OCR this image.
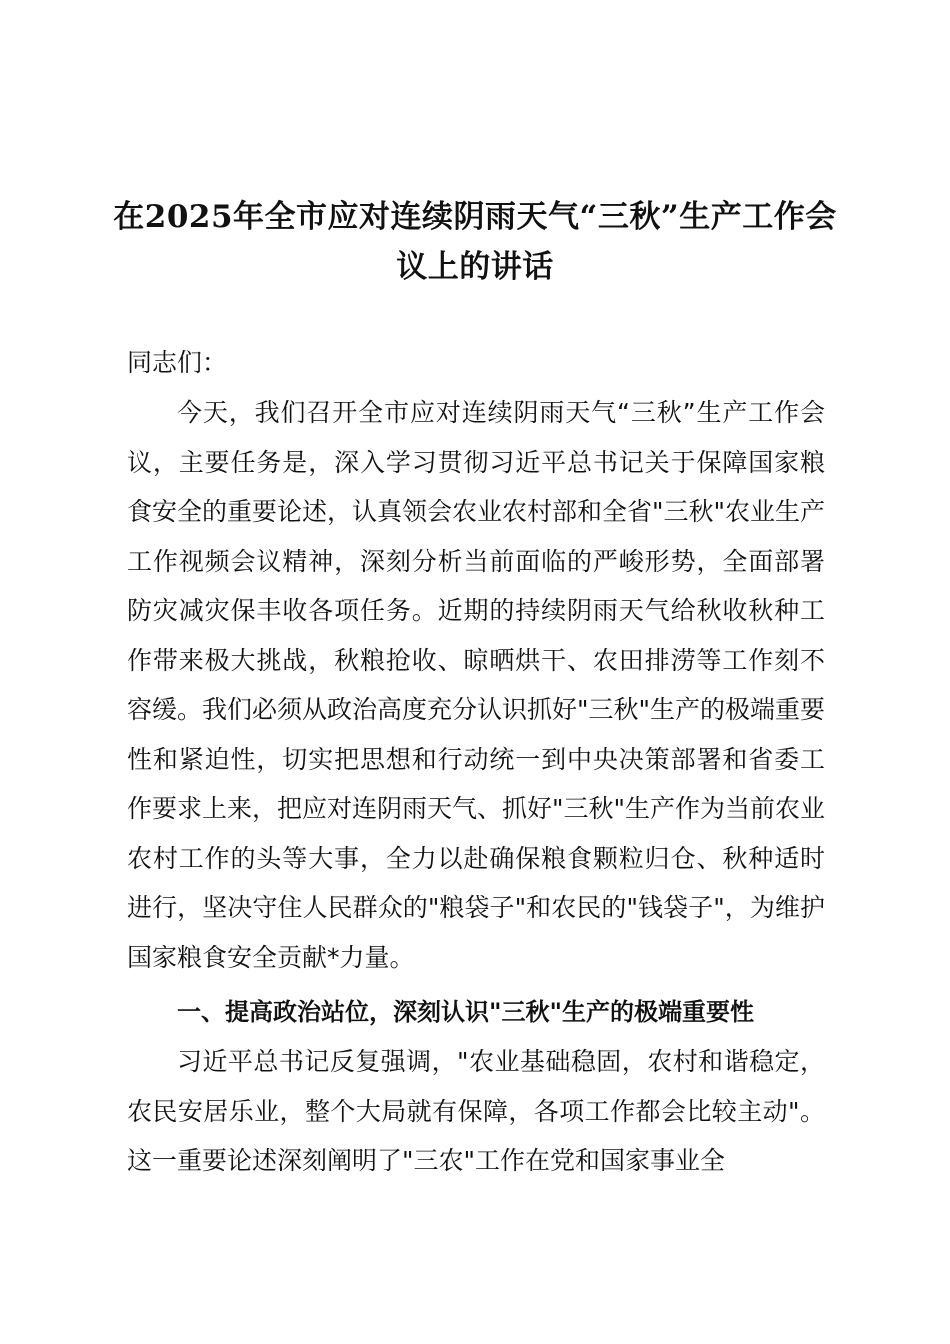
在2025年全市应对连续阴雨天气“三秋”生产工作会议上的讲话

同志们：

今天，我们召开全市应对连续阴雨天气“三秋”生产工作会议，主要任务是，深入学习贯彻习近平总书记关于保障国家粮食安全的重要论述，认真领会农业农村部和全省"三秋"农业生产工作视频会议精神，深刻分析当前面临的严峻形势，全面部署防灾减灾保丰收各项任务。近期的持续阴雨天气给秋收秋种工作带来极大挑战，秋粮抢收、晾晒烘干、农田排涝等工作刻不容缓。我们必须从政治高度充分认识抓好"三秋"生产的极端重要性和紧迫性，切实把思想和行动统一到中央决策部署和省委工作要求上来，把应对连阴雨天气、抓好"三秋"生产作为当前农业农村工作的头等大事，全力以赴确保粮食颗粒归仓、秋种适时进行，坚决守住人民群众的"粮袋子"和农民的"钱袋子"，为维护国家粮食安全贡献*力量。

一、提高政治站位，深刻认识"三秋"生产的极端重要性

习近平总书记反复强调，"农业基础稳固，农村和谐稳定，农民安居乐业，整个大局就有保障，各项工作都会比较主动"。这一重要论述深刻阐明了"三农"工作在党和国家事业全
